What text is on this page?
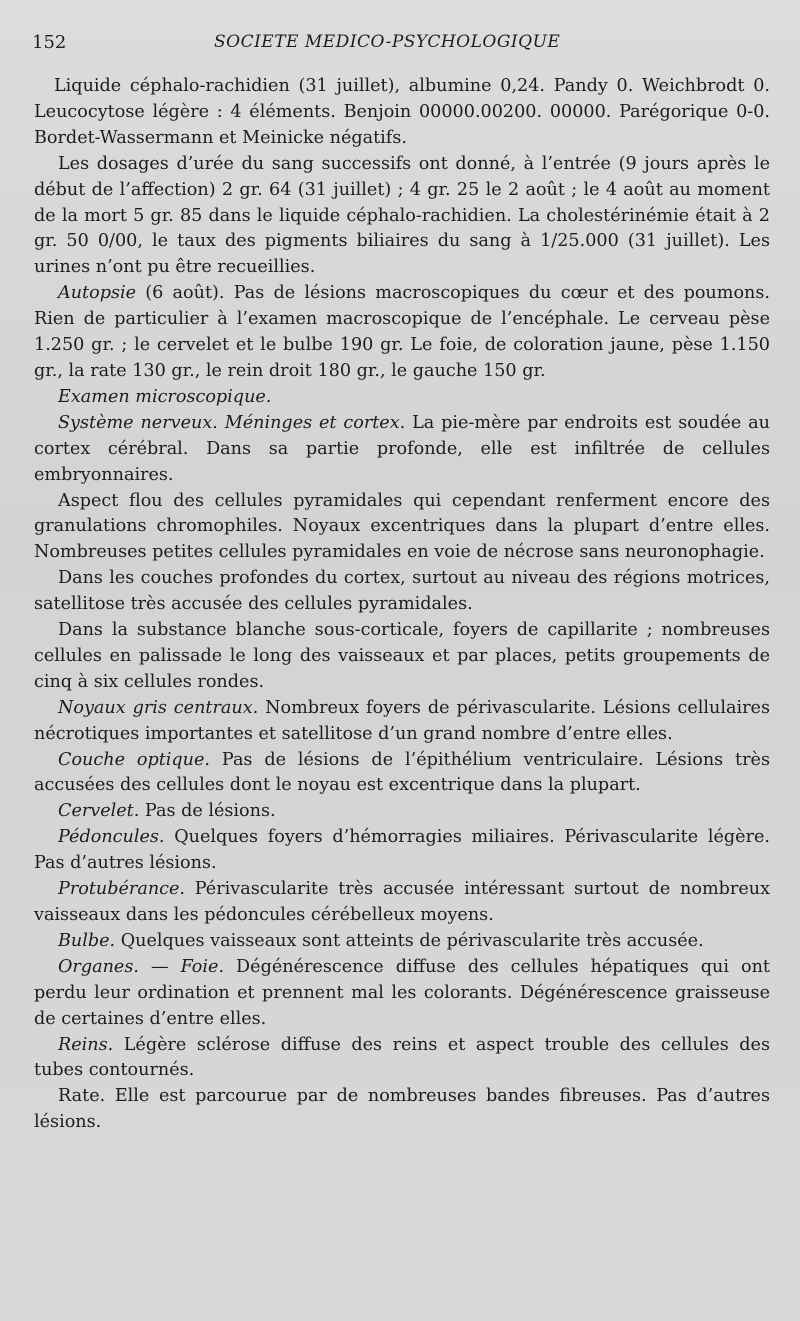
152	SOCIETE MEDICO-PSYCHOLOGIQUE

Liquide céphalo-rachidien (31 juillet), albumine 0,24. Pandy 0. Weichbrodt 0. Leucocytose légère : 4 éléments. Benjoin 00000.00200. 00000. Parégorique 0-0. Bordet-Wassermann et Meinicke négatifs.

Les dosages d’urée du sang successifs ont donné, à l’entrée (9 jours après le début de l’affection) 2 gr. 64 (31 juillet) ; 4 gr. 25 le 2 août ; le 4 août au moment de la mort 5 gr. 85 dans le liquide céphalo-rachidien. La cholestérinémie était à 2 gr. 50 0/00, le taux des pigments biliaires du sang à 1/25.000 (31 juillet). Les urines n’ont pu être recueillies.

Autopsie (6 août). Pas de lésions macroscopiques du cœur et des poumons. Rien de particulier à l’examen macroscopique de l’encéphale. Le cerveau pèse 1.250 gr. ; le cervelet et le bulbe 190 gr. Le foie, de coloration jaune, pèse 1.150 gr., la rate 130 gr., le rein droit 180 gr., le gauche 150 gr.

Examen microscopique.

Système nerveux. Méninges et cortex. La pie-mère par endroits est soudée au cortex cérébral. Dans sa partie profonde, elle est infiltrée de cellules embryonnaires.

Aspect flou des cellules pyramidales qui cependant renferment encore des granulations chromophiles. Noyaux excentriques dans la plupart d’entre elles. Nombreuses petites cellules pyramidales en voie de nécrose sans neuronophagie.

Dans les couches profondes du cortex, surtout au niveau des régions motrices, satellitose très accusée des cellules pyramidales.

Dans la substance blanche sous-corticale, foyers de capillarite ; nombreuses cellules en palissade le long des vaisseaux et par places, petits groupements de cinq à six cellules rondes.

Noyaux gris centraux. Nombreux foyers de périvascularite. Lésions cellulaires nécrotiques importantes et satellitose d’un grand nombre d’entre elles.

Couche optique. Pas de lésions de l’épithélium ventriculaire. Lésions très accusées des cellules dont le noyau est excentrique dans la plupart.

Cervelet. Pas de lésions.

Pédoncules. Quelques foyers d’hémorragies miliaires. Périvascularite légère. Pas d’autres lésions.

Protubérance. Périvascularite très accusée intéressant surtout de nombreux vaisseaux dans les pédoncules cérébelleux moyens.

Bulbe. Quelques vaisseaux sont atteints de périvascularite très accusée.

Organes. — Foie. Dégénérescence diffuse des cellules hépatiques qui ont perdu leur ordination et prennent mal les colorants. Dégénérescence graisseuse de certaines d’entre elles.

Reins. Légère sclérose diffuse des reins et aspect trouble des cellules des tubes contournés.

Rate. Elle est parcourue par de nombreuses bandes fibreuses. Pas d’autres lésions.
